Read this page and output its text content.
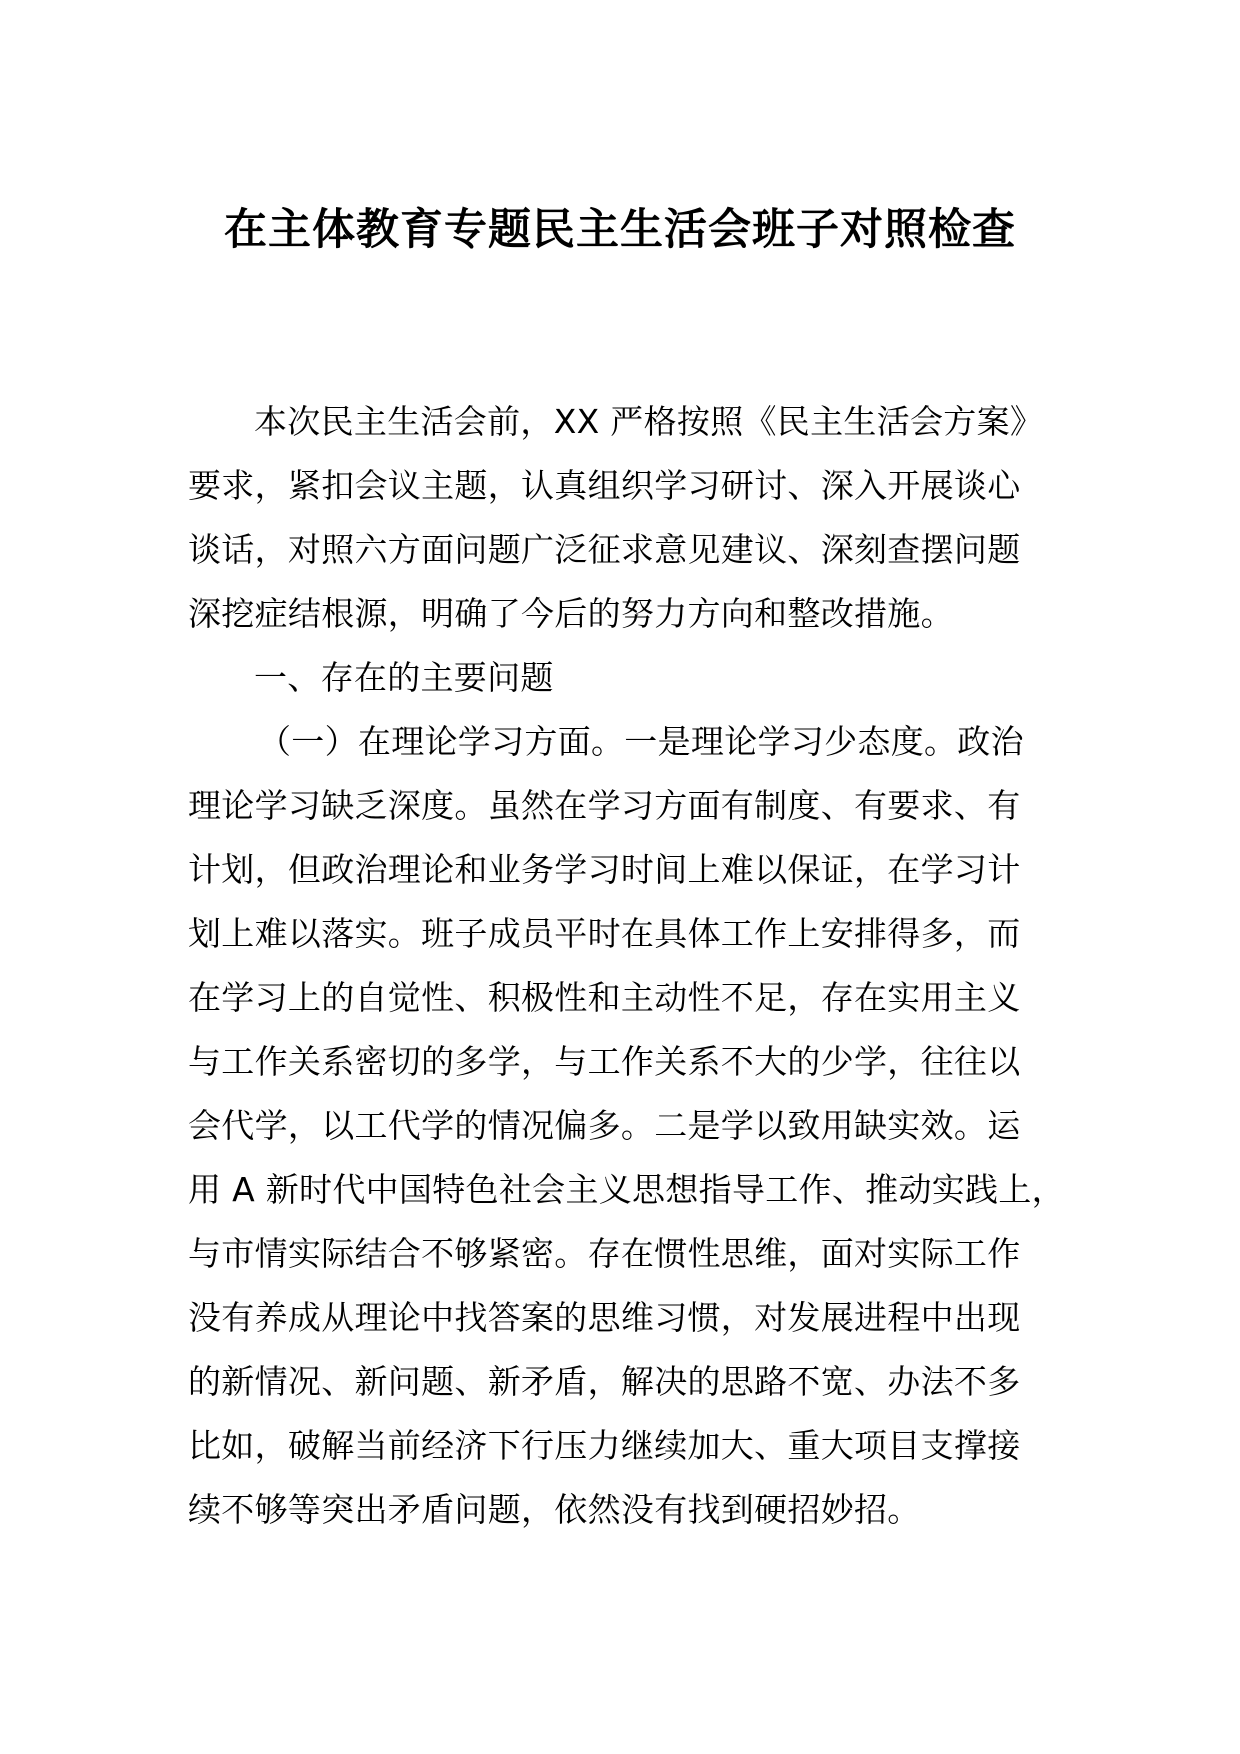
在主体教育专题民主生活会班子对照检查
本次民主生活会前，XX 严格按照《民主生活会方案》
要求，紧扣会议主题，认真组织学习研讨、深入开展谈心
谈话，对照六方面问题广泛征求意见建议、深刻查摆问题
深挖症结根源，明确了今后的努力方向和整改措施。
一、存在的主要问题
（一）在理论学习方面。一是理论学习少态度。政治
理论学习缺乏深度。虽然在学习方面有制度、有要求、有
计划，但政治理论和业务学习时间上难以保证，在学习计
划上难以落实。班子成员平时在具体工作上安排得多，而
在学习上的自觉性、积极性和主动性不足，存在实用主义
与工作关系密切的多学，与工作关系不大的少学，往往以
会代学，以工代学的情况偏多。二是学以致用缺实效。运
用 A 新时代中国特色社会主义思想指导工作、推动实践上，
与市情实际结合不够紧密。存在惯性思维，面对实际工作
没有养成从理论中找答案的思维习惯，对发展进程中出现
的新情况、新问题、新矛盾，解决的思路不宽、办法不多
比如，破解当前经济下行压力继续加大、重大项目支撑接
续不够等突出矛盾问题，依然没有找到硬招妙招。
